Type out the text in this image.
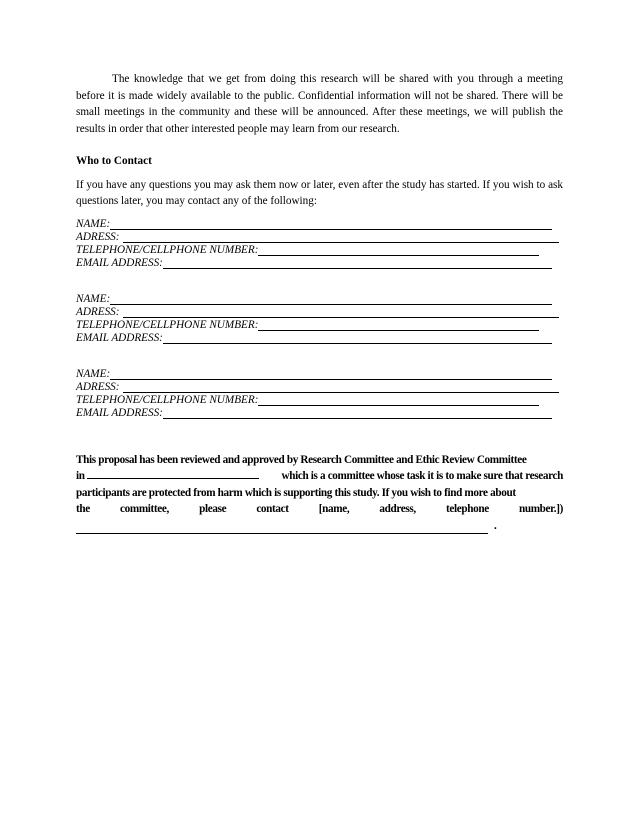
The knowledge that we get from doing this research will be shared with you through a meeting before it is made widely available to the public. Confidential information will not be shared. There will be small meetings in the community and these will be announced. After these meetings, we will publish the results in order that other interested people may learn from our research.

Who to Contact

If you have any questions you may ask them now or later, even after the study has started. If you wish to ask questions later, you may contact any of the following:

NAME:
ADRESS:
TELEPHONE/CELLPHONE NUMBER:
EMAIL ADDRESS:
NAME:
ADRESS:
TELEPHONE/CELLPHONE NUMBER:
EMAIL ADDRESS:
NAME:
ADRESS:
TELEPHONE/CELLPHONE NUMBER:
EMAIL ADDRESS:
This proposal has been reviewed and approved by Research Committee and Ethic Review Committee
in	which is a committee whose task it is to make sure that research
participants are protected from harm which is supporting this study. If you wish to find more about
the	committee,	please	contact	[name,	address,	telephone	number.])
.
